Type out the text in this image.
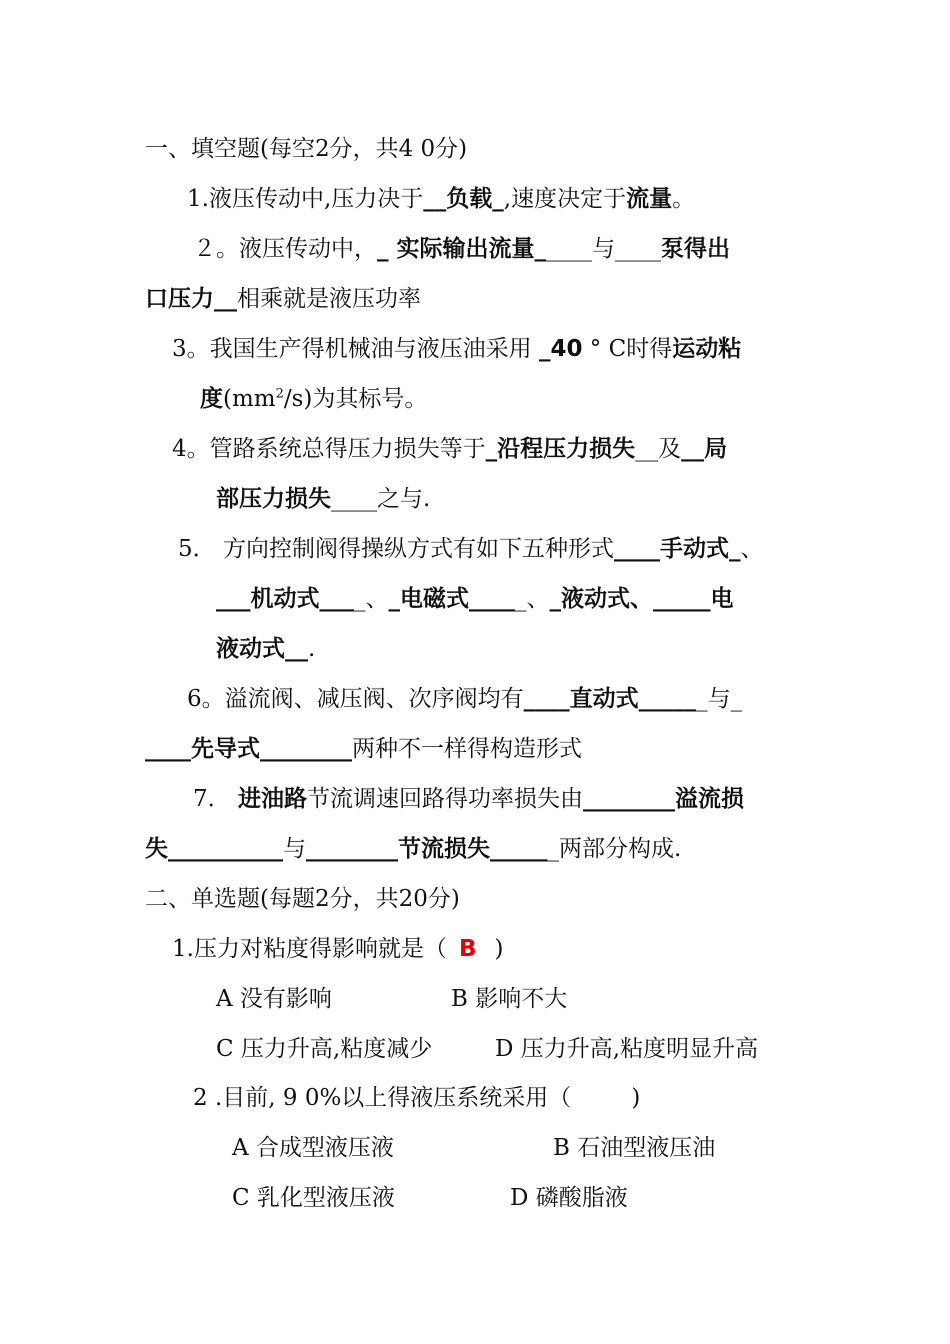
一、填空题(每空2分，共4 0分)
1.液压传动中,压力决于__负载_,速度决定于流量。
２。液压传动中，_ 实际输出流量_____与____泵得出
口压力__相乘就是液压功率
3。我国生产得机械油与液压油采用 _40 ° C时得运动粘
度$(mm^2/s)$为其标号。
4。管路系统总得压力损失等于_沿程压力损失__及__局
部压力损失____之与.
5． 方向控制阀得操纵方式有如下五种形式____手动式_、
___机动式____、_电磁式_____、_液动式、_____电
液动式__.
6。溢流阀、减压阀、次序阀均有____直动式______与_
____先导式________两种不一样得构造形式
7． 进油路节流调速回路得功率损失由________溢流损
失__________与________节流损失______两部分构成.
二、单选题(每题2分，共20分)
1.压力对粘度得影响就是（ B )
A 没有影响	B 影响不大
C 压力升高,粘度减少	D 压力升高,粘度明显升高
2 .目前, 9 0%以上得液压系统采用（	)
A 合成型液压液	B 石油型液压油
C 乳化型液压液	D 磷酸脂液
